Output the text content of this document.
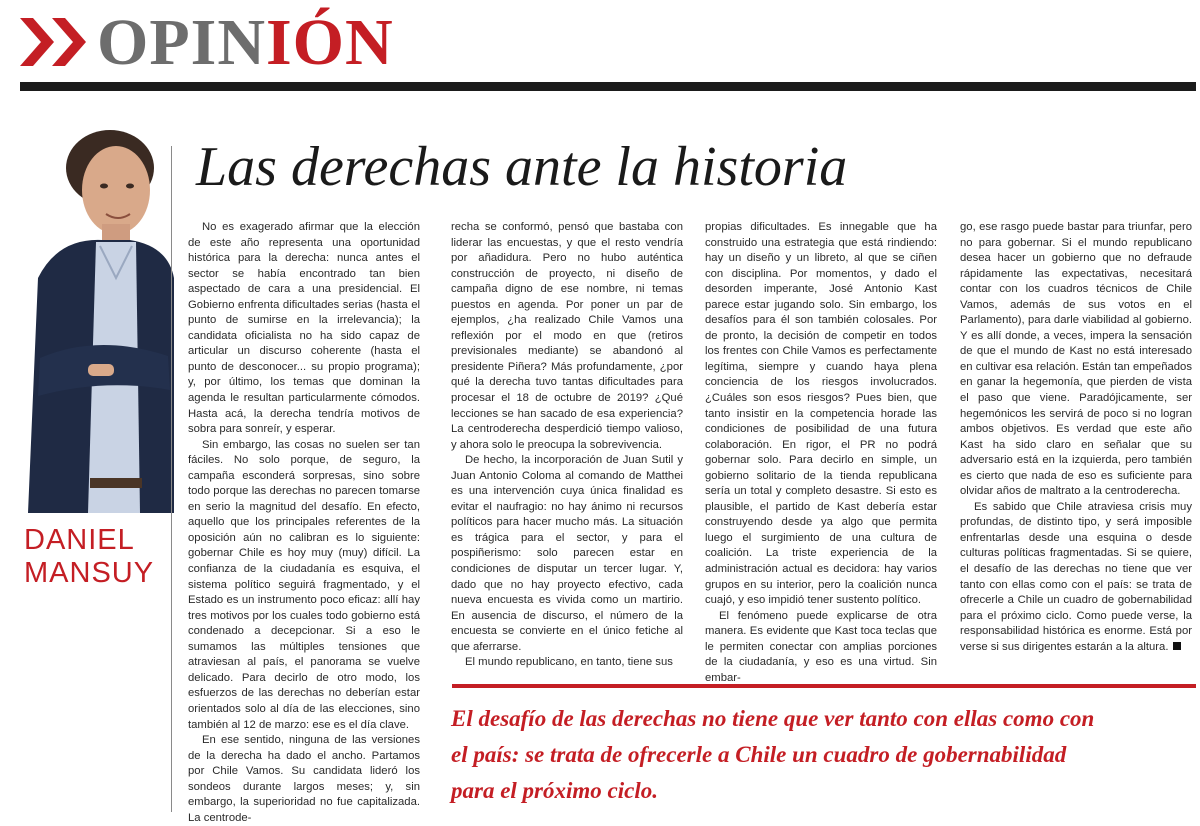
OPINIÓN
DANIEL
MANSUY
Las derechas ante la historia

No es exagerado afirmar que la elección de este año representa una oportunidad histórica para la derecha: nunca antes el sector se había encontrado tan bien aspectado de cara a una presidencial. El Gobierno enfrenta dificultades serias (hasta el punto de sumirse en la irrelevancia); la candidata oficialista no ha sido capaz de articular un discurso coherente (hasta el punto de desconocer... su propio programa); y, por último, los temas que dominan la agenda le resultan particularmente cómodos. Hasta acá, la derecha tendría motivos de sobra para sonreír, y esperar.

Sin embargo, las cosas no suelen ser tan fáciles. No solo porque, de seguro, la campaña esconderá sorpresas, sino sobre todo porque las derechas no parecen tomarse en serio la magnitud del desafío. En efecto, aquello que los principales referentes de la oposición aún no calibran es lo siguiente: gobernar Chile es hoy muy (muy) difícil. La confianza de la ciudadanía es esquiva, el sistema político seguirá fragmentado, y el Estado es un instrumento poco eficaz: allí hay tres motivos por los cuales todo gobierno está condenado a decepcionar. Si a eso le sumamos las múltiples tensiones que atraviesan al país, el panorama se vuelve delicado. Para decirlo de otro modo, los esfuerzos de las derechas no deberían estar orientados solo al día de las elecciones, sino también al 12 de marzo: ese es el día clave.

En ese sentido, ninguna de las versiones de la derecha ha dado el ancho. Partamos por Chile Vamos. Su candidata lideró los sondeos durante largos meses; y, sin embargo, la superioridad no fue capitalizada. La centrode-

recha se conformó, pensó que bastaba con liderar las encuestas, y que el resto vendría por añadidura. Pero no hubo auténtica construcción de proyecto, ni diseño de campaña digno de ese nombre, ni temas puestos en agenda. Por poner un par de ejemplos, ¿ha realizado Chile Vamos una reflexión por el modo en que (retiros previsionales mediante) se abandonó al presidente Piñera? Más profundamente, ¿por qué la derecha tuvo tantas dificultades para procesar el 18 de octubre de 2019? ¿Qué lecciones se han sacado de esa experiencia? La centroderecha desperdició tiempo valioso, y ahora solo le preocupa la sobrevivencia.

De hecho, la incorporación de Juan Sutil y Juan Antonio Coloma al comando de Matthei es una intervención cuya única finalidad es evitar el naufragio: no hay ánimo ni recursos políticos para hacer mucho más. La situación es trágica para el sector, y para el pospiñerismo: solo parecen estar en condiciones de disputar un tercer lugar. Y, dado que no hay proyecto efectivo, cada nueva encuesta es vivida como un martirio. En ausencia de discurso, el número de la encuesta se convierte en el único fetiche al que aferrarse.

El mundo republicano, en tanto, tiene sus

propias dificultades. Es innegable que ha construido una estrategia que está rindiendo: hay un diseño y un libreto, al que se ciñen con disciplina. Por momentos, y dado el desorden imperante, José Antonio Kast parece estar jugando solo. Sin embargo, los desafíos para él son también colosales. Por de pronto, la decisión de competir en todos los frentes con Chile Vamos es perfectamente legítima, siempre y cuando haya plena conciencia de los riesgos involucrados. ¿Cuáles son esos riesgos? Pues bien, que tanto insistir en la competencia horade las condiciones de posibilidad de una futura colaboración. En rigor, el PR no podrá gobernar solo. Para decirlo en simple, un gobierno solitario de la tienda republicana sería un total y completo desastre. Si esto es plausible, el partido de Kast debería estar construyendo desde ya algo que permita luego el surgimiento de una cultura de coalición. La triste experiencia de la administración actual es decidora: hay varios grupos en su interior, pero la coalición nunca cuajó, y eso impidió tener sustento político.

El fenómeno puede explicarse de otra manera. Es evidente que Kast toca teclas que le permiten conectar con amplias porciones de la ciudadanía, y eso es una virtud. Sin embar-

go, ese rasgo puede bastar para triunfar, pero no para gobernar. Si el mundo republicano desea hacer un gobierno que no defraude rápidamente las expectativas, necesitará contar con los cuadros técnicos de Chile Vamos, además de sus votos en el Parlamento), para darle viabilidad al gobierno. Y es allí donde, a veces, impera la sensación de que el mundo de Kast no está interesado en cultivar esa relación. Están tan empeñados en ganar la hegemonía, que pierden de vista el paso que viene. Paradójicamente, ser hegemónicos les servirá de poco si no logran ambos objetivos. Es verdad que este año Kast ha sido claro en señalar que su adversario está en la izquierda, pero también es cierto que nada de eso es suficiente para olvidar años de maltrato a la centroderecha.

Es sabido que Chile atraviesa crisis muy profundas, de distinto tipo, y será imposible enfrentarlas desde una esquina o desde culturas políticas fragmentadas. Si se quiere, el desafío de las derechas no tiene que ver tanto con ellas como con el país: se trata de ofrecerle a Chile un cuadro de gobernabilidad para el próximo ciclo. Como puede verse, la responsabilidad histórica es enorme. Está por verse si sus dirigentes estarán a la altura.

El desafío de las derechas no tiene que ver tanto con ellas como con
el país: se trata de ofrecerle a Chile un cuadro de gobernabilidad
para el próximo ciclo.
